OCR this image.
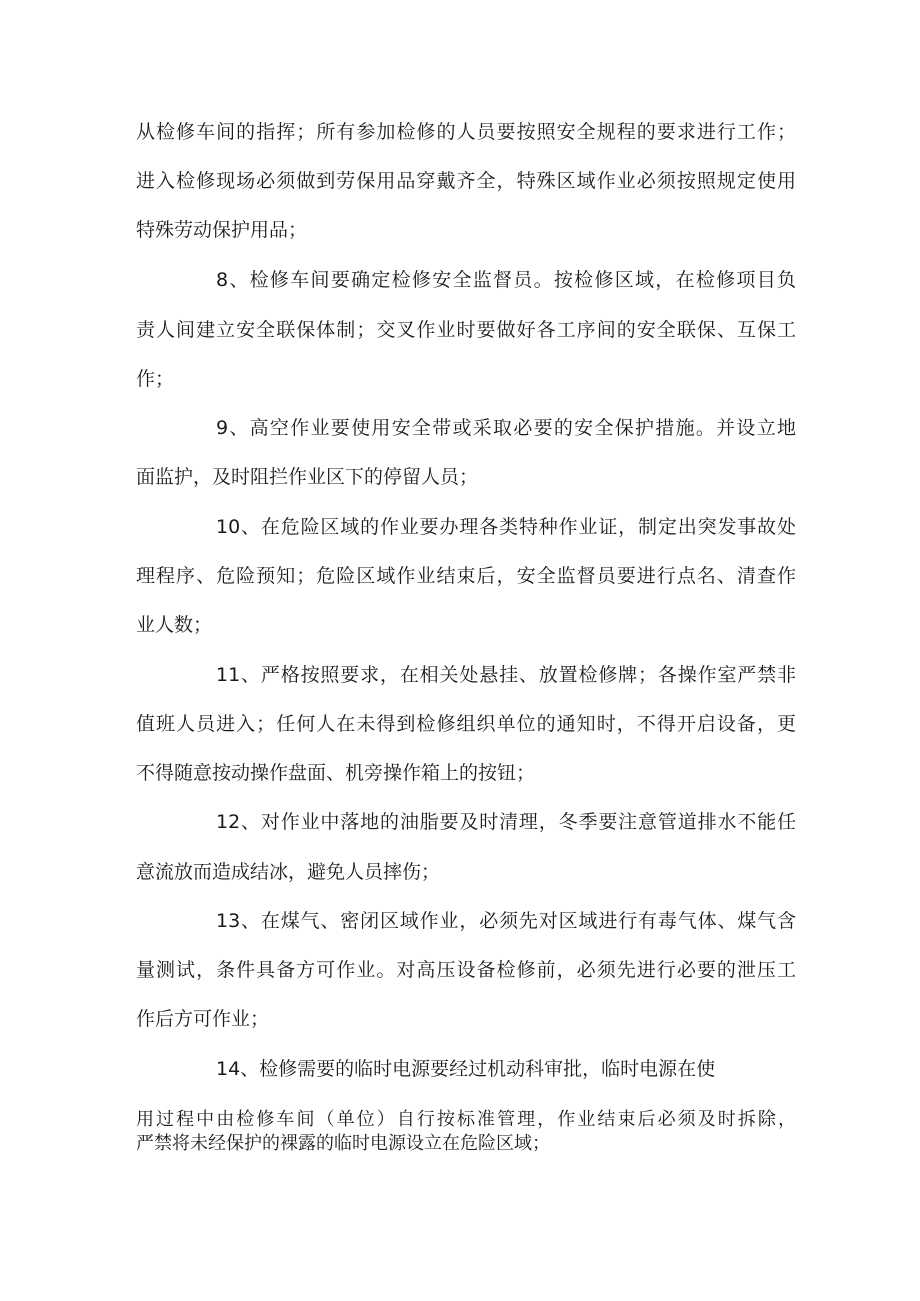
从检修车间的指挥；所有参加检修的人员要按照安全规程的要求进行工作；

进入检修现场必须做到劳保用品穿戴齐全，特殊区域作业必须按照规定使用

特殊劳动保护用品；

8、检修车间要确定检修安全监督员。按检修区域，在检修项目负

责人间建立安全联保体制；交叉作业时要做好各工序间的安全联保、互保工

作；

9、高空作业要使用安全带或采取必要的安全保护措施。并设立地

面监护，及时阻拦作业区下的停留人员；

10、在危险区域的作业要办理各类特种作业证，制定出突发事故处

理程序、危险预知；危险区域作业结束后，安全监督员要进行点名、清查作

业人数；

11、严格按照要求，在相关处悬挂、放置检修牌；各操作室严禁非

值班人员进入；任何人在未得到检修组织单位的通知时，不得开启设备，更

不得随意按动操作盘面、机旁操作箱上的按钮；

12、对作业中落地的油脂要及时清理，冬季要注意管道排水不能任

意流放而造成结冰，避免人员摔伤；

13、在煤气、密闭区域作业，必须先对区域进行有毒气体、煤气含

量测试，条件具备方可作业。对高压设备检修前，必须先进行必要的泄压工

作后方可作业；

14、检修需要的临时电源要经过机动科审批，临时电源在使

用过程中由检修车间（单位）自行按标准管理，作业结束后必须及时拆除，

严禁将未经保护的裸露的临时电源设立在危险区域；
